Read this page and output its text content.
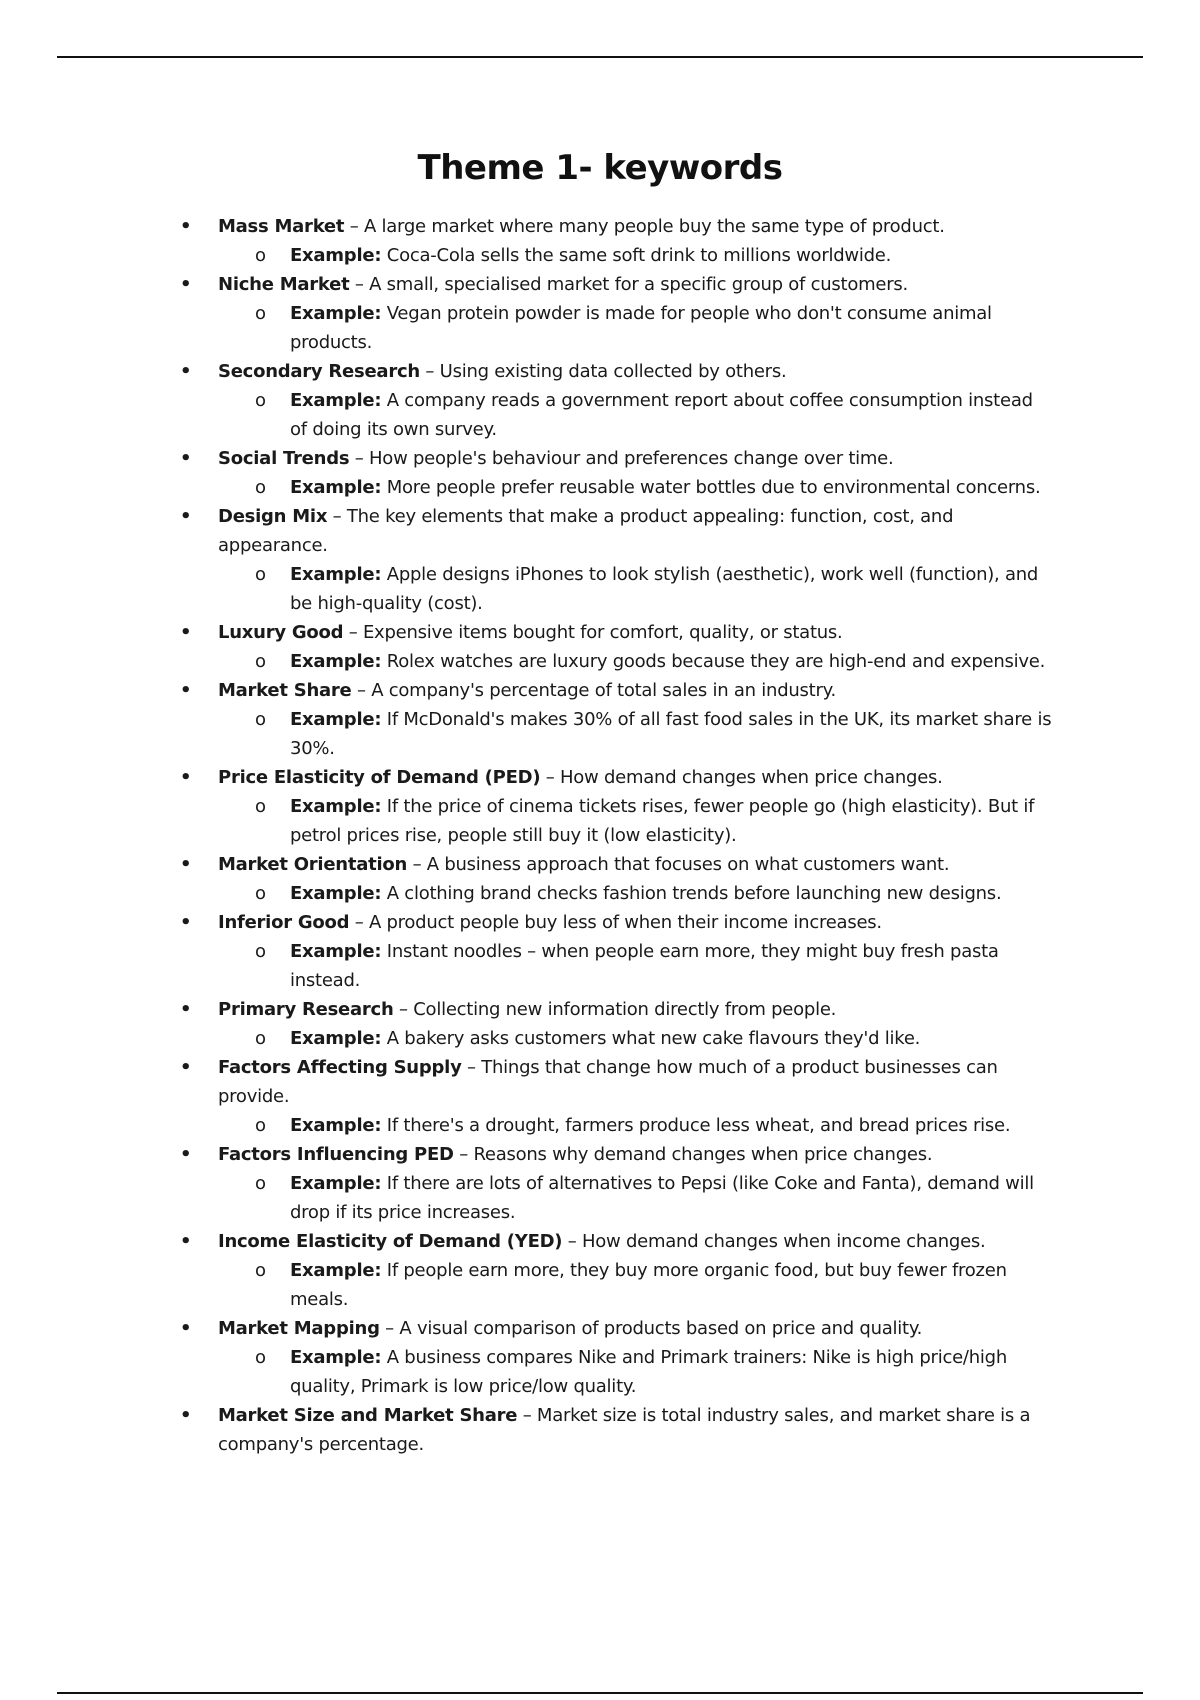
Theme 1- keywords
• Mass Market – A large market where many people buy the same type of product.
o Example: Coca-Cola sells the same soft drink to millions worldwide.
• Niche Market – A small, specialised market for a specific group of customers.
o Example: Vegan protein powder is made for people who don't consume animal products.
• Secondary Research – Using existing data collected by others.
o Example: A company reads a government report about coffee consumption instead of doing its own survey.
• Social Trends – How people's behaviour and preferences change over time.
o Example: More people prefer reusable water bottles due to environmental concerns.
• Design Mix – The key elements that make a product appealing: function, cost, and appearance.
o Example: Apple designs iPhones to look stylish (aesthetic), work well (function), and be high-quality (cost).
• Luxury Good – Expensive items bought for comfort, quality, or status.
o Example: Rolex watches are luxury goods because they are high-end and expensive.
• Market Share – A company's percentage of total sales in an industry.
o Example: If McDonald's makes 30% of all fast food sales in the UK, its market share is 30%.
• Price Elasticity of Demand (PED) – How demand changes when price changes.
o Example: If the price of cinema tickets rises, fewer people go (high elasticity). But if petrol prices rise, people still buy it (low elasticity).
• Market Orientation – A business approach that focuses on what customers want.
o Example: A clothing brand checks fashion trends before launching new designs.
• Inferior Good – A product people buy less of when their income increases.
o Example: Instant noodles – when people earn more, they might buy fresh pasta instead.
• Primary Research – Collecting new information directly from people.
o Example: A bakery asks customers what new cake flavours they'd like.
• Factors Affecting Supply – Things that change how much of a product businesses can provide.
o Example: If there's a drought, farmers produce less wheat, and bread prices rise.
• Factors Influencing PED – Reasons why demand changes when price changes.
o Example: If there are lots of alternatives to Pepsi (like Coke and Fanta), demand will drop if its price increases.
• Income Elasticity of Demand (YED) – How demand changes when income changes.
o Example: If people earn more, they buy more organic food, but buy fewer frozen meals.
• Market Mapping – A visual comparison of products based on price and quality.
o Example: A business compares Nike and Primark trainers: Nike is high price/high quality, Primark is low price/low quality.
• Market Size and Market Share – Market size is total industry sales, and market share is a company's percentage.
